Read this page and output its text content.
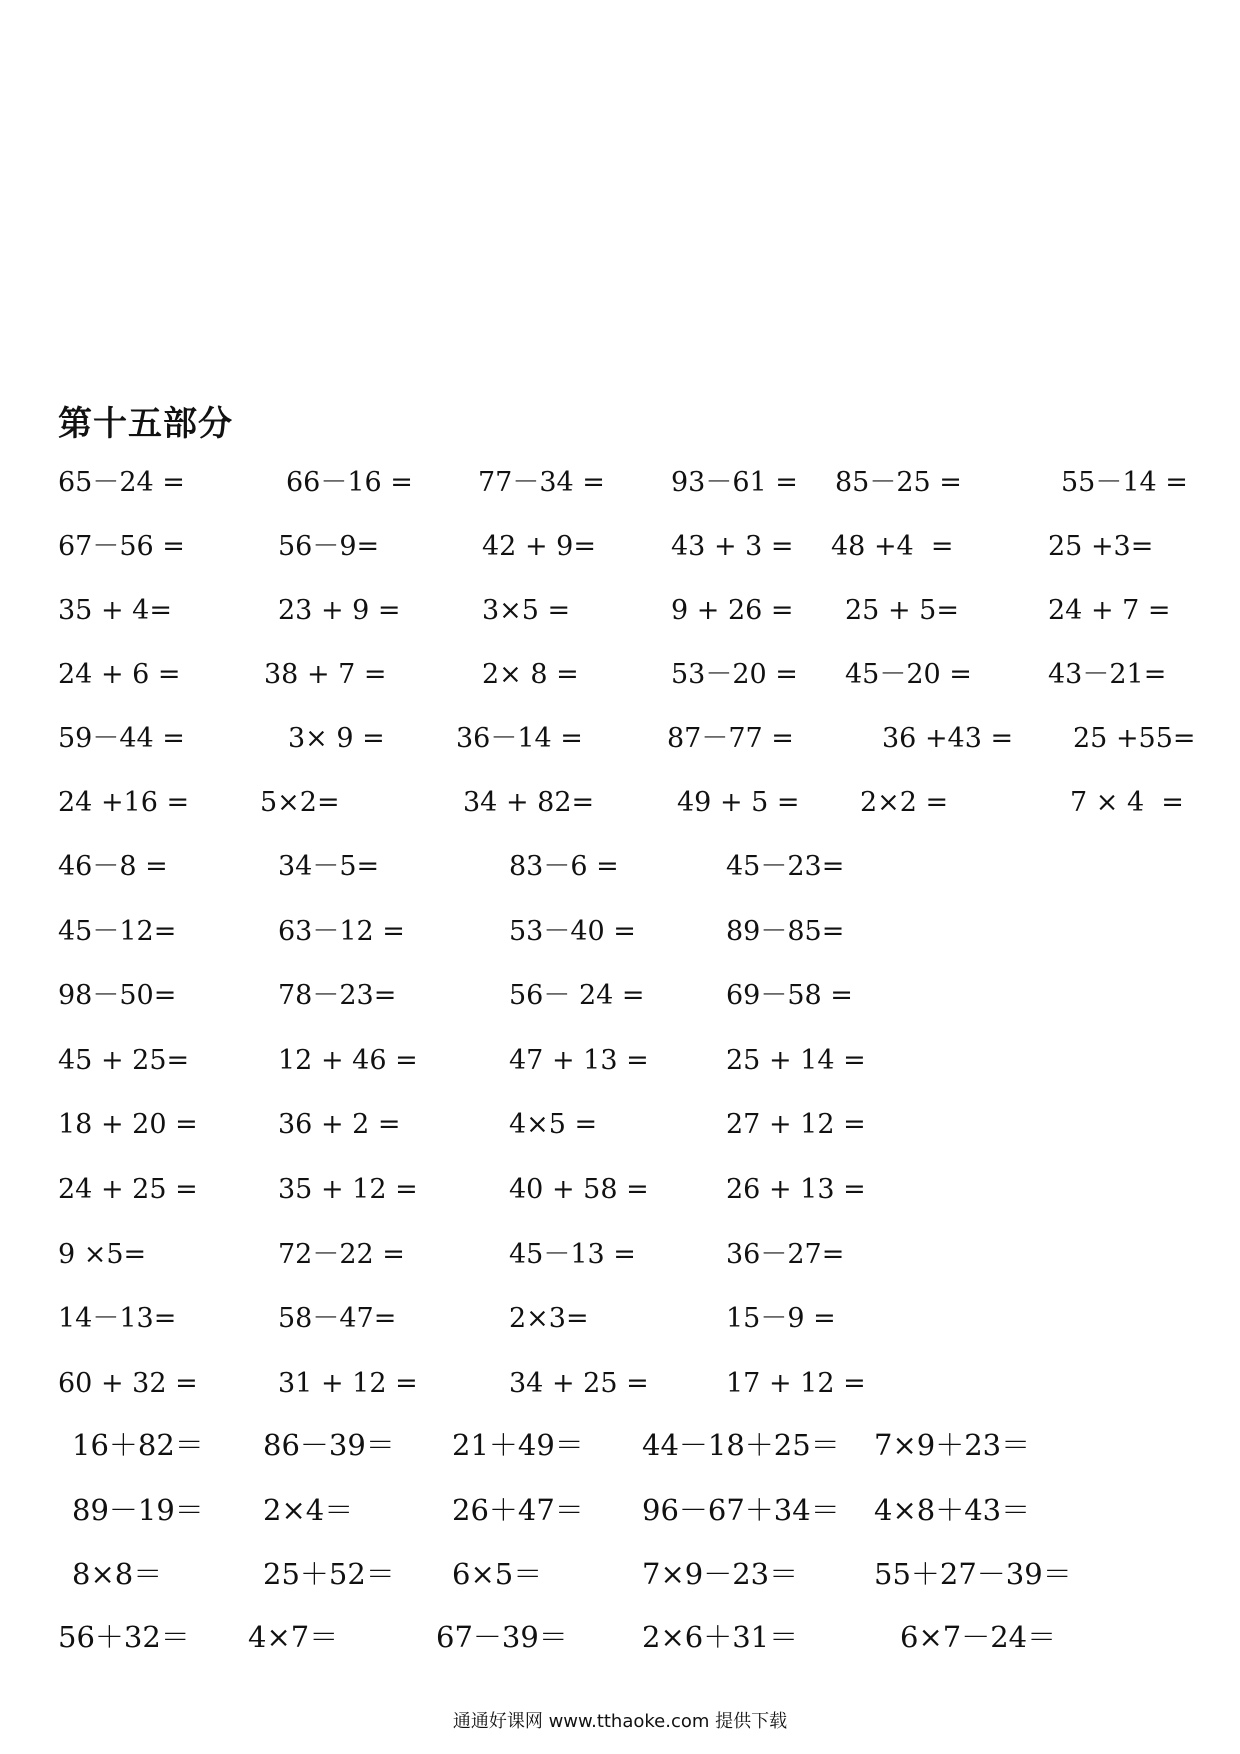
第十五部分
65－24 =	66－16 = 77－34 = 93－61 = 85－25 =	55－14 =
67－56 =	56－9=	42 + 9=	43 + 3 = 48 +4  =	25 +3=
35 + 4=	23 + 9 =	3×5 =	9 + 26 = 25 + 5=	24 + 7 =
24 + 6 =	38 + 7 =	2× 8 =	53－20 = 45－20 =	43－21=
59－44 =	3× 9 =	36－14 =	87－77 =	36 +43 = 25 +55=
24 +16 =	5×2=	34 + 82=	49 + 5 = 2×2 =	7 × 4  =
46－8 =	34－5=	83－6 =	45－23=
45－12=	63－12 =	53－40 =	89－85=
98－50=	78－23=	56－ 24 =	69－58 =
45 + 25=	12 + 46 =	47 + 13 =	25 + 14 =
18 + 20 =	36 + 2 =	4×5 =	27 + 12 =
24 + 25 =	35 + 12 =	40 + 58 =	26 + 13 =
9 ×5=	72－22 =	45－13 =	36－27=
14－13=	58－47=	2×3=	15－9 =
60 + 32 =	31 + 12 =	34 + 25 =	17 + 12 =
16＋82＝ 86－39＝ 21＋49＝ 44－18＋25＝ 7×9＋23＝
89－19＝ 2×4＝	26＋47＝ 96－67＋34＝ 4×8＋43＝
8×8＝	25＋52＝ 6×5＝	7×9－23＝	55＋27－39＝
56＋32＝ 4×7＝	67－39＝	2×6＋31＝	6×7－24＝
通通好课网 www.tthaoke.com 提供下载
